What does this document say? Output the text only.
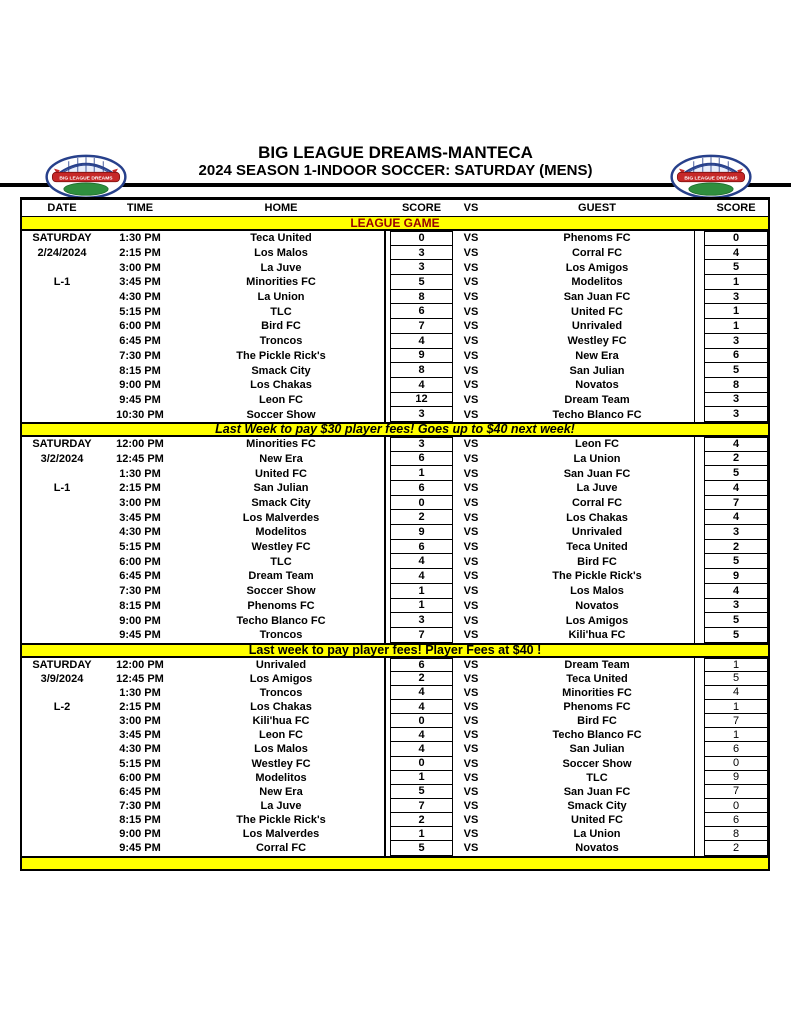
BIG LEAGUE DREAMS-MANTECA
2024 SEASON 1-INDOOR SOCCER: SATURDAY (MENS)
BIG LEAGUE DREAMS	BIG LEAGUE DREAMS
DATE	TIME	HOME	SCORE	VS	GUEST	SCORE
LEAGUE GAME
SATURDAY	1:30 PM	Teca United	0	VS	Phenoms FC	0
2/24/2024	2:15 PM	Los Malos	3	VS	Corral FC	4
3:00 PM	La Juve	3	VS	Los Amigos	5
L-1	3:45 PM	Minorities FC	5	VS	Modelitos	1
4:30 PM	La Union	8	VS	San Juan FC	3
5:15 PM	TLC	6	VS	United FC	1
6:00 PM	Bird FC	7	VS	Unrivaled	1
6:45 PM	Troncos	4	VS	Westley FC	3
7:30 PM	The Pickle Rick's	9	VS	New Era	6
8:15 PM	Smack City	8	VS	San Julian	5
9:00 PM	Los Chakas	4	VS	Novatos	8
9:45 PM	Leon FC	12	VS	Dream Team	3
10:30 PM	Soccer Show	3	VS	Techo Blanco FC	3
Last Week to pay $30 player fees! Goes up to $40 next week!
SATURDAY	12:00 PM	Minorities FC	3	VS	Leon FC	4
3/2/2024	12:45 PM	New Era	6	VS	La Union	2
1:30 PM	United FC	1	VS	San Juan FC	5
L-1	2:15 PM	San Julian	6	VS	La Juve	4
3:00 PM	Smack City	0	VS	Corral FC	7
3:45 PM	Los Malverdes	2	VS	Los Chakas	4
4:30 PM	Modelitos	9	VS	Unrivaled	3
5:15 PM	Westley FC	6	VS	Teca United	2
6:00 PM	TLC	4	VS	Bird FC	5
6:45 PM	Dream Team	4	VS	The Pickle Rick's	9
7:30 PM	Soccer Show	1	VS	Los Malos	4
8:15 PM	Phenoms FC	1	VS	Novatos	3
9:00 PM	Techo Blanco FC	3	VS	Los Amigos	5
9:45 PM	Troncos	7	VS	Kili'hua FC	5
Last week to pay player fees! Player Fees at $40 !
SATURDAY	12:00 PM	Unrivaled	6	VS	Dream Team	1
3/9/2024	12:45 PM	Los Amigos	2	VS	Teca United	5
1:30 PM	Troncos	4	VS	Minorities FC	4
L-2	2:15 PM	Los Chakas	4	VS	Phenoms FC	1
3:00 PM	Kili'hua FC	0	VS	Bird FC	7
3:45 PM	Leon FC	4	VS	Techo Blanco FC	1
4:30 PM	Los Malos	4	VS	San Julian	6
5:15 PM	Westley FC	0	VS	Soccer Show	0
6:00 PM	Modelitos	1	VS	TLC	9
6:45 PM	New Era	5	VS	San Juan FC	7
7:30 PM	La Juve	7	VS	Smack City	0
8:15 PM	The Pickle Rick's	2	VS	United FC	6
9:00 PM	Los Malverdes	1	VS	La Union	8
9:45 PM	Corral FC	5	VS	Novatos	2
